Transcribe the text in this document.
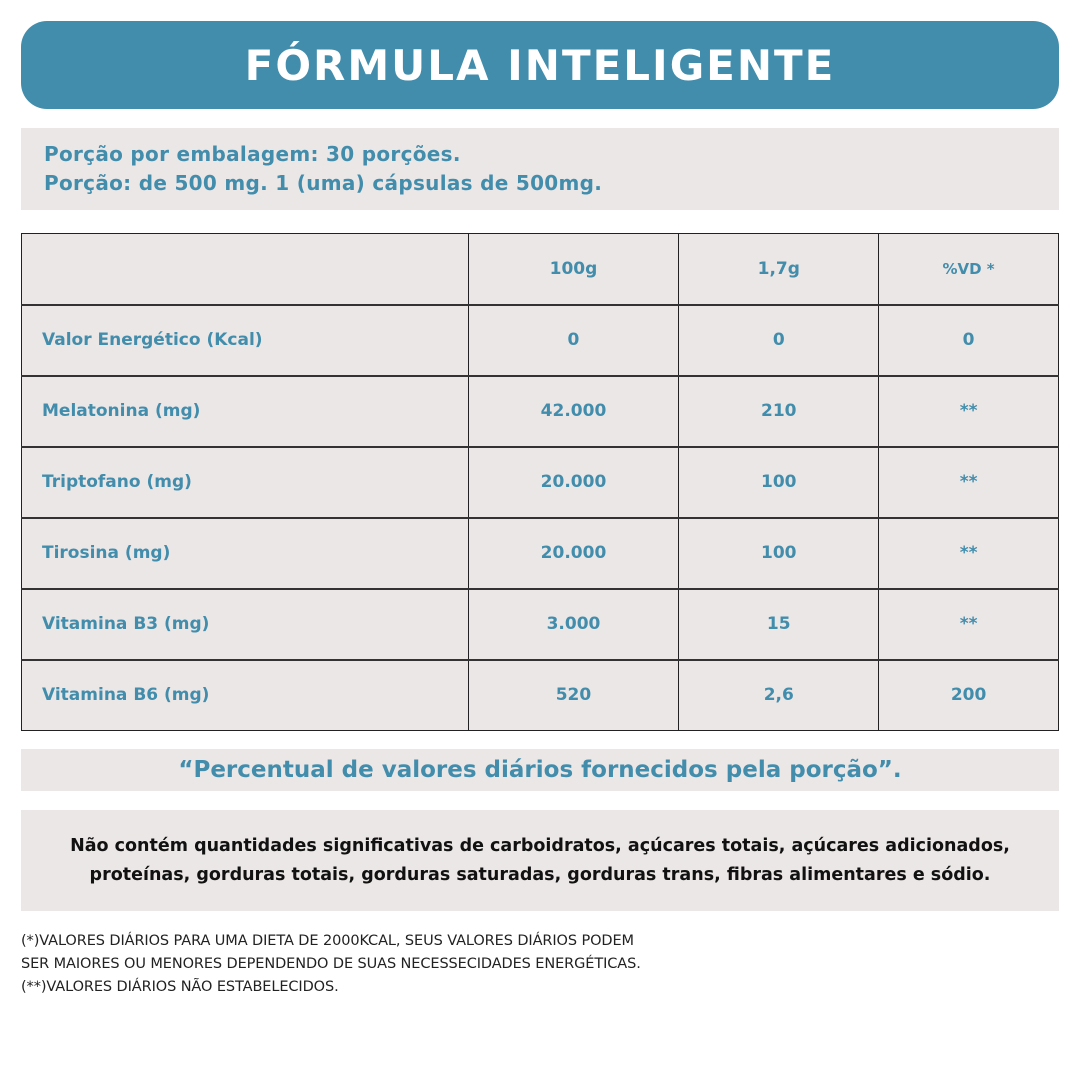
FÓRMULA INTELIGENTE

Porção por embalagem: 30 porções.

Porção: de 500 mg. 1 (uma) cápsulas de 500mg.

	100g	1,7g	%VD *
Valor Energético (Kcal)	0	0	0
Melatonina (mg)	42.000	210	**
Triptofano (mg)	20.000	100	**
Tirosina (mg)	20.000	100	**
Vitamina B3 (mg)	3.000	15	**
Vitamina B6 (mg)	520	2,6	200
“Percentual de valores diários fornecidos pela porção”.
Não contém quantidades significativas de carboidratos, açúcares totais, açúcares adicionados, proteínas, gorduras totais, gorduras saturadas, gorduras trans, fibras alimentares e sódio.

(*)VALORES DIÁRIOS PARA UMA DIETA DE 2000KCAL, SEUS VALORES DIÁRIOS PODEM

SER MAIORES OU MENORES DEPENDENDO DE SUAS NECESSECIDADES ENERGÉTICAS.

(**)VALORES DIÁRIOS NÃO ESTABELECIDOS.
